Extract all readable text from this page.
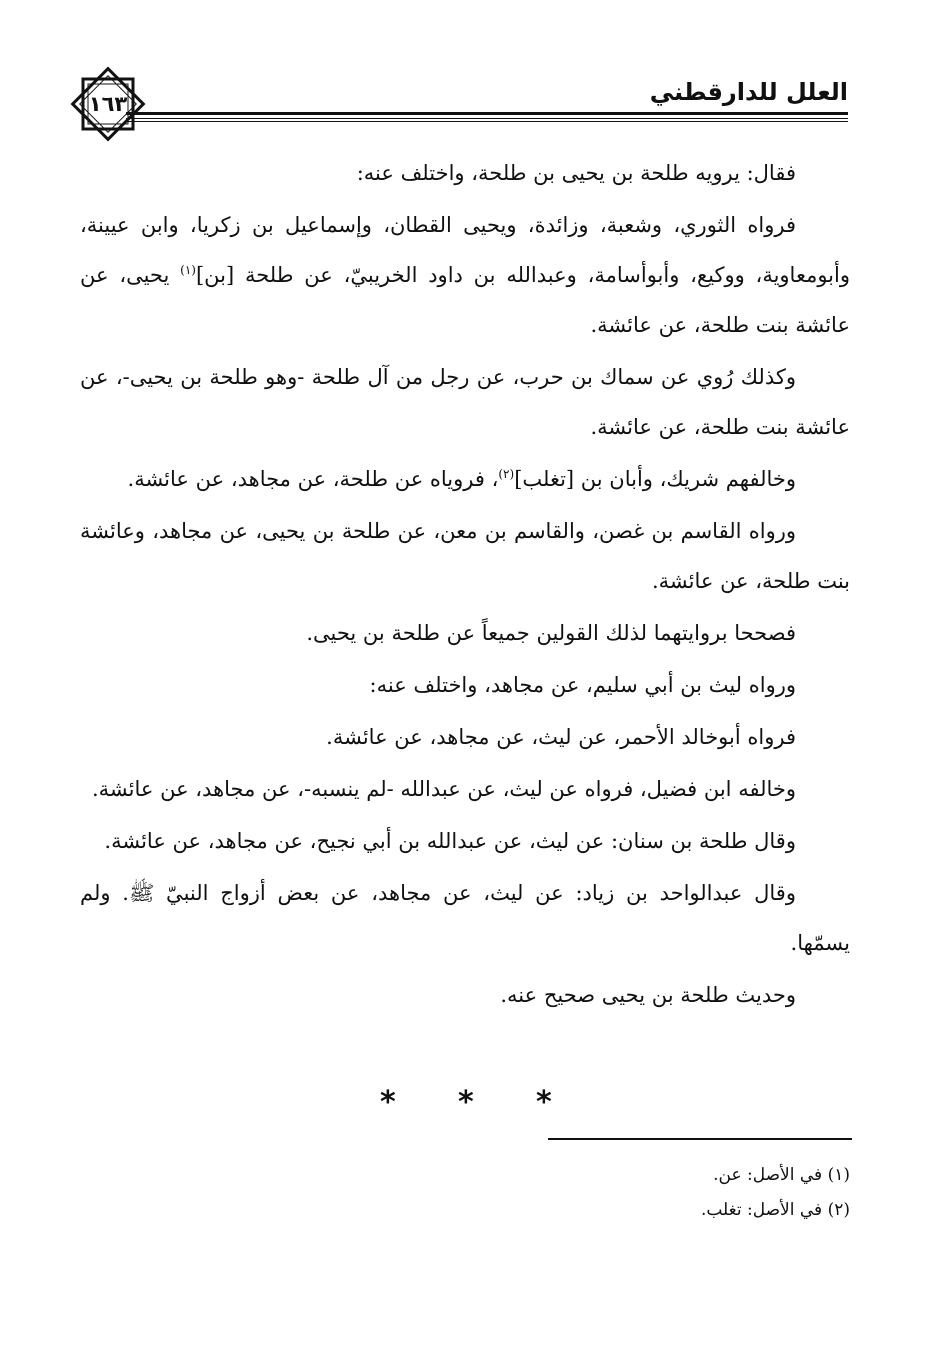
العلل للدارقطني
١٦٣

فقال: يرويه طلحة بن يحيى بن طلحة، واختلف عنه:

فرواه الثوري، وشعبة، وزائدة، ويحيى القطان، وإسماعيل بن زكريا، وابن عيينة، وأبومعاوية، ووكيع، وأبوأسامة، وعبدالله بن داود الخريبيّ، عن طلحة [بن]$^{(١)}$ يحيى، عن عائشة بنت طلحة، عن عائشة.

وكذلك رُوي عن سماك بن حرب، عن رجل من آل طلحة -وهو طلحة بن يحيى-، عن عائشة بنت طلحة، عن عائشة.

وخالفهم شريك، وأبان بن [تغلب]$^{(٢)}$، فروياه عن طلحة، عن مجاهد، عن عائشة.

ورواه القاسم بن غصن، والقاسم بن معن، عن طلحة بن يحيى، عن مجاهد، وعائشة بنت طلحة، عن عائشة.

فصححا بروايتهما لذلك القولين جميعاً عن طلحة بن يحيى.

ورواه ليث بن أبي سليم، عن مجاهد، واختلف عنه:

فرواه أبوخالد الأحمر، عن ليث، عن مجاهد، عن عائشة.

وخالفه ابن فضيل، فرواه عن ليث، عن عبدالله -لم ينسبه-، عن مجاهد، عن عائشة.

وقال طلحة بن سنان: عن ليث، عن عبدالله بن أبي نجيح، عن مجاهد، عن عائشة.

وقال عبدالواحد بن زياد: عن ليث، عن مجاهد، عن بعض أزواج النبيّ ﷺ. ولم يسمّها.

وحديث طلحة بن يحيى صحيح عنه.

* * *
(١) في الأصل: عن.
(٢) في الأصل: تغلب.
